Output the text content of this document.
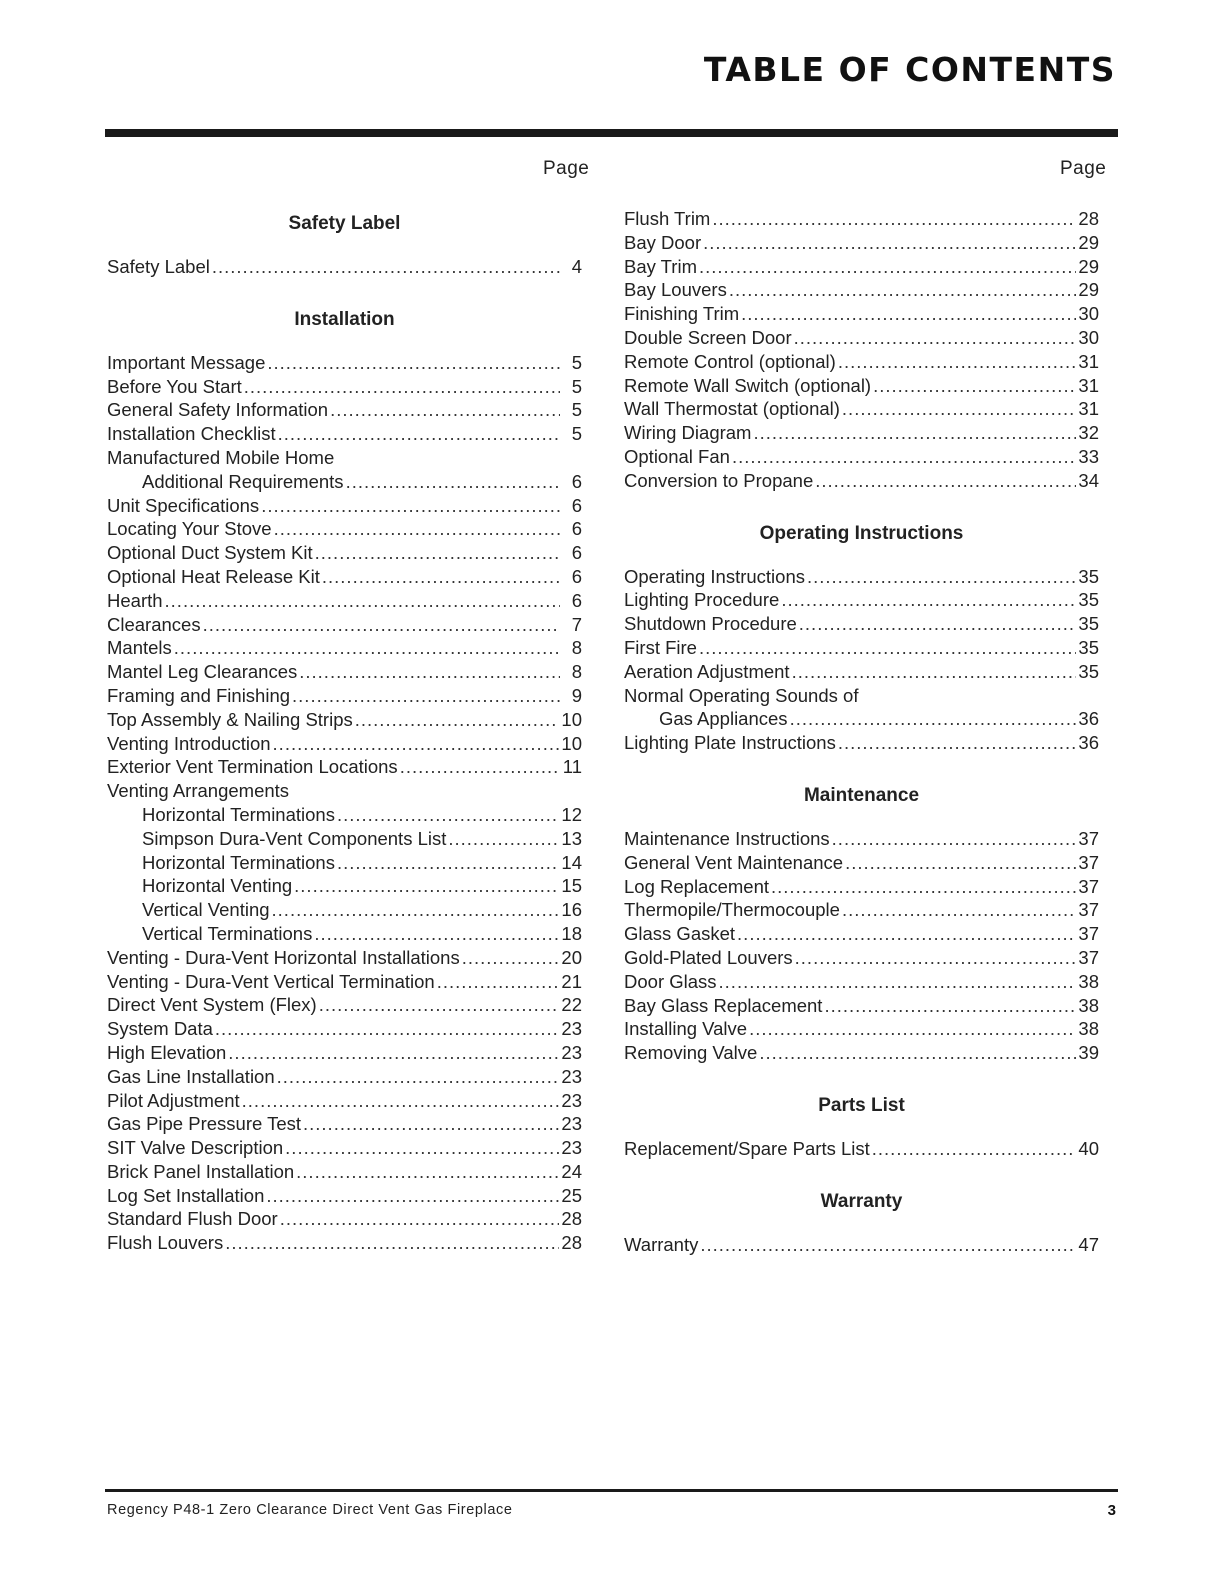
TABLE OF CONTENTS
Page	Page
Safety Label
Safety Label .....	4
Installation
Important Message .....	5
Before You Start .....	5
General Safety Information .....	5
Installation Checklist .....	5
Manufactured Mobile Home
Additional Requirements .....	6
Unit Specifications .....	6
Locating Your Stove .....	6
Optional Duct System Kit .....	6
Optional Heat Release Kit .....	6
Hearth .....	6
Clearances .....	7
Mantels .....	8
Mantel Leg Clearances .....	8
Framing and Finishing .....	9
Top Assembly & Nailing Strips .....	10
Venting Introduction .....	10
Exterior Vent Termination Locations .....	11
Venting Arrangements
Horizontal Terminations .....	12
Simpson Dura-Vent Components List .....	13
Horizontal Terminations .....	14
Horizontal Venting .....	15
Vertical Venting .....	16
Vertical Terminations .....	18
Venting - Dura-Vent Horizontal Installations .....	20
Venting - Dura-Vent Vertical Termination .....	21
Direct Vent System (Flex) .....	22
System Data .....	23
High Elevation .....	23
Gas Line Installation .....	23
Pilot Adjustment .....	23
Gas Pipe Pressure Test .....	23
SIT Valve Description .....	23
Brick Panel Installation .....	24
Log Set Installation .....	25
Standard Flush Door .....	28
Flush Louvers .....	28
Flush Trim .....	28
Bay Door .....	29
Bay Trim .....	29
Bay Louvers .....	29
Finishing Trim .....	30
Double Screen Door .....	30
Remote Control (optional) .....	31
Remote Wall Switch (optional) .....	31
Wall Thermostat (optional) .....	31
Wiring Diagram .....	32
Optional Fan .....	33
Conversion to Propane .....	34
Operating Instructions
Operating Instructions .....	35
Lighting Procedure .....	35
Shutdown Procedure .....	35
First Fire .....	35
Aeration Adjustment .....	35
Normal Operating Sounds of
Gas Appliances .....	36
Lighting Plate Instructions .....	36
Maintenance
Maintenance Instructions .....	37
General Vent Maintenance .....	37
Log Replacement .....	37
Thermopile/Thermocouple .....	37
Glass Gasket .....	37
Gold-Plated Louvers .....	37
Door Glass .....	38
Bay Glass Replacement .....	38
Installing Valve .....	38
Removing Valve .....	39
Parts List
Replacement/Spare Parts List .....	40
Warranty
Warranty .....	47
Regency P48-1 Zero Clearance Direct Vent Gas Fireplace	3
